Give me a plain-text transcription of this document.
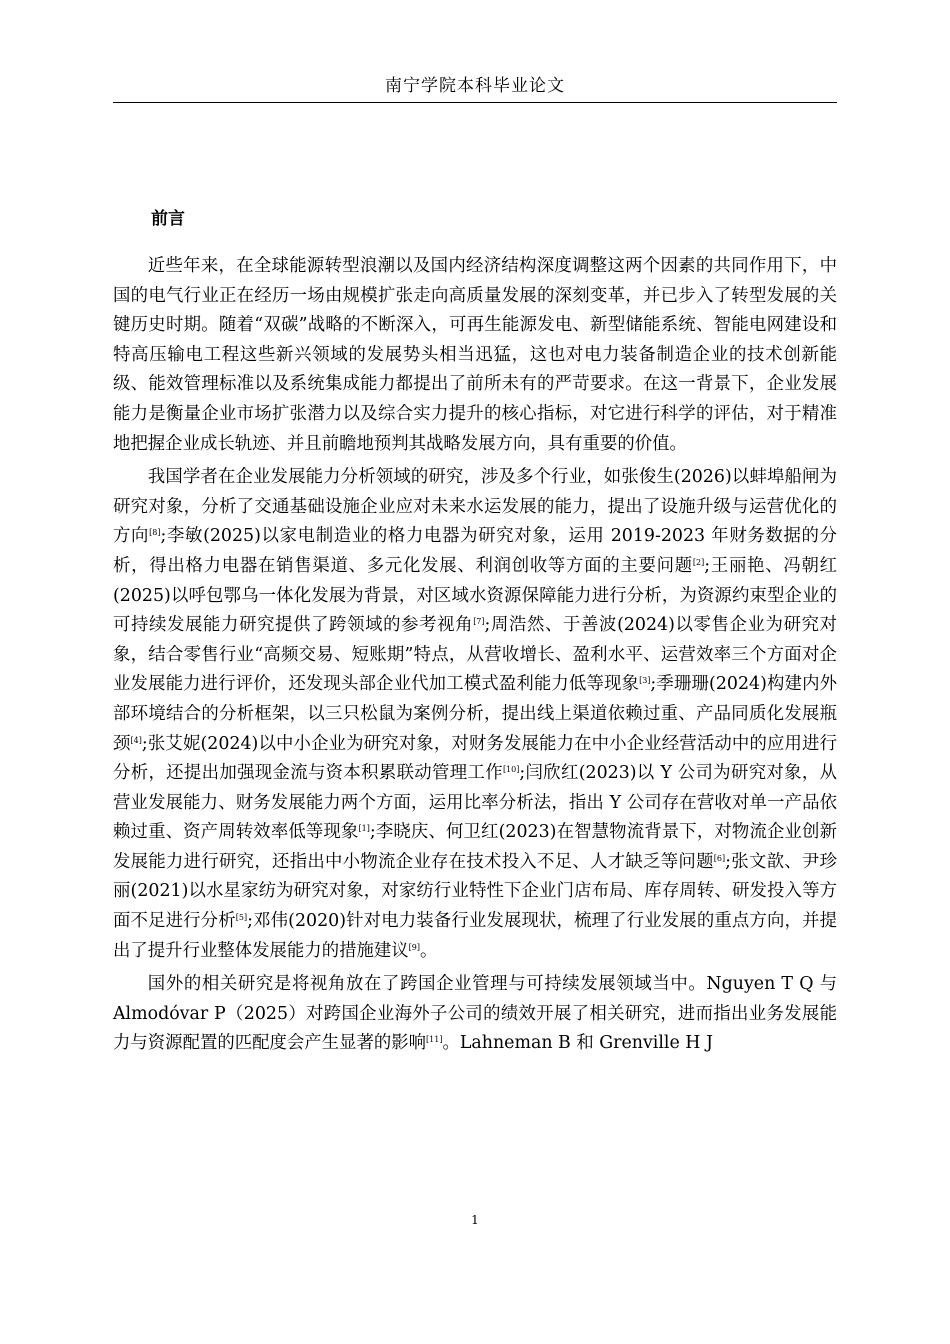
南宁学院本科毕业论文
前言

近些年来，在全球能源转型浪潮以及国内经济结构深度调整这两个因素的共同作用下，中国的电气行业正在经历一场由规模扩张走向高质量发展的深刻变革，并已步入了转型发展的关键历史时期。随着“双碳”战略的不断深入，可再生能源发电、新型储能系统、智能电网建设和特高压输电工程这些新兴领域的发展势头相当迅猛，这也对电力装备制造企业的技术创新能级、能效管理标准以及系统集成能力都提出了前所未有的严苛要求。在这一背景下，企业发展能力是衡量企业市场扩张潜力以及综合实力提升的核心指标，对它进行科学的评估，对于精准地把握企业成长轨迹、并且前瞻地预判其战略发展方向，具有重要的价值。

我国学者在企业发展能力分析领域的研究，涉及多个行业，如张俊生(2026)以蚌埠船闸为研究对象，分析了交通基础设施企业应对未来水运发展的能力，提出了设施升级与运营优化的方向[8];李敏(2025)以家电制造业的格力电器为研究对象，运用 2019-2023 年财务数据的分析，得出格力电器在销售渠道、多元化发展、利润创收等方面的主要问题[2];王丽艳、冯朝红(2025)以呼包鄂乌一体化发展为背景，对区域水资源保障能力进行分析，为资源约束型企业的可持续发展能力研究提供了跨领域的参考视角[7];周浩然、于善波(2024)以零售企业为研究对象，结合零售行业“高频交易、短账期”特点，从营收增长、盈利水平、运营效率三个方面对企业发展能力进行评价，还发现头部企业代加工模式盈利能力低等现象[3];季珊珊(2024)构建内外部环境结合的分析框架，以三只松鼠为案例分析，提出线上渠道依赖过重、产品同质化发展瓶颈[4];张艾妮(2024)以中小企业为研究对象，对财务发展能力在中小企业经营活动中的应用进行分析，还提出加强现金流与资本积累联动管理工作[10];闫欣红(2023)以 Y 公司为研究对象，从营业发展能力、财务发展能力两个方面，运用比率分析法，指出 Y 公司存在营收对单一产品依赖过重、资产周转效率低等现象[1];李晓庆、何卫红(2023)在智慧物流背景下，对物流企业创新发展能力进行研究，还指出中小物流企业存在技术投入不足、人才缺乏等问题[6];张文歆、尹珍丽(2021)以水星家纺为研究对象，对家纺行业特性下企业门店布局、库存周转、研发投入等方面不足进行分析[5];邓伟(2020)针对电力装备行业发展现状，梳理了行业发展的重点方向，并提出了提升行业整体发展能力的措施建议[9]。

国外的相关研究是将视角放在了跨国企业管理与可持续发展领域当中。Nguyen T Q 与 Almodóvar P（2025）对跨国企业海外子公司的绩效开展了相关研究，进而指出业务发展能力与资源配置的匹配度会产生显著的影响[11]。Lahneman B 和 Grenville H J

1
